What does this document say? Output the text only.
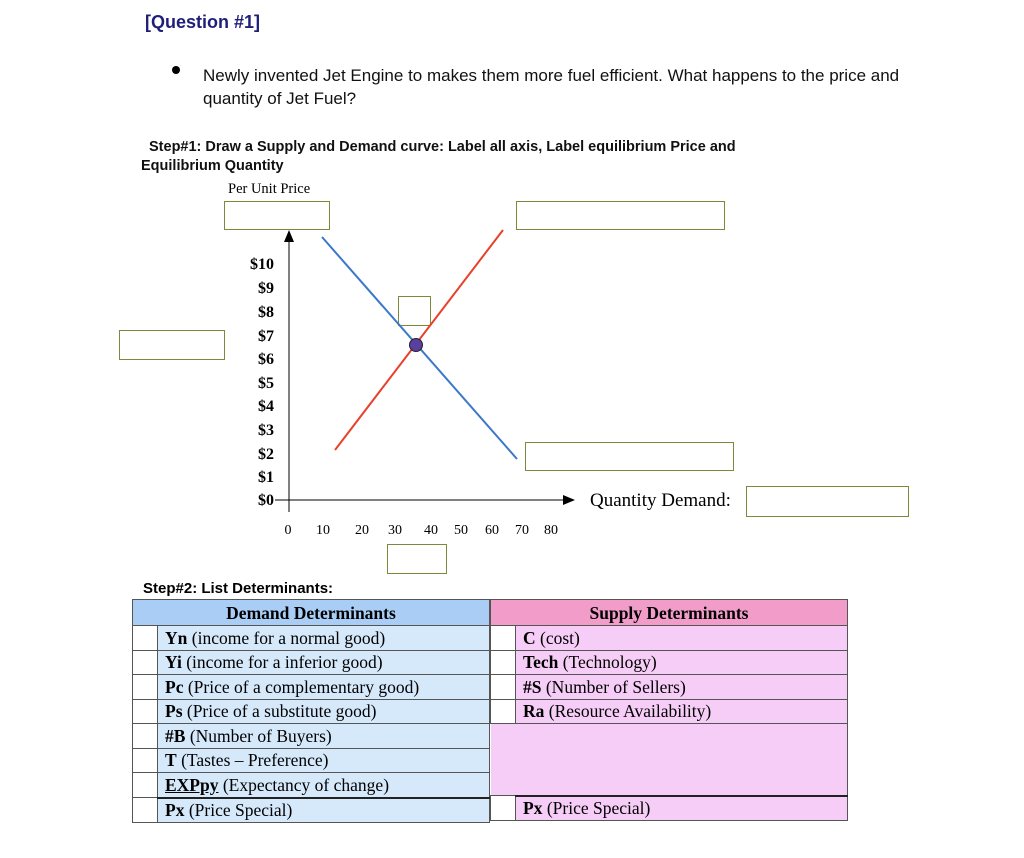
[Question #1]
Newly invented Jet Engine to makes them more fuel efficient. What happens to the price and quantity of Jet Fuel?
Step#1: Draw a Supply and Demand curve: Label all axis, Label equilibrium Price and
Equilibrium Quantity
Per Unit Price
$10
$9
$8
$7
$6
$5
$4
$3
$2
$1
$0
0	10	20	30	40	50	60	70	80
Quantity Demand:
Step#2: List Determinants:
Demand Determinants	
	Yn (income for a normal good)
	Yi (income for a inferior good)
	Pc (Price of a complementary good)
	Ps (Price of a substitute good)
	#B (Number of Buyers)
	T (Tastes – Preference)
	EXPpy (Expectancy of change)
	Px (Price Special)
Supply Determinants	
	C (cost)
	Tech (Technology)
	#S (Number of Sellers)
	Ra (Resource Availability)

	Px (Price Special)
